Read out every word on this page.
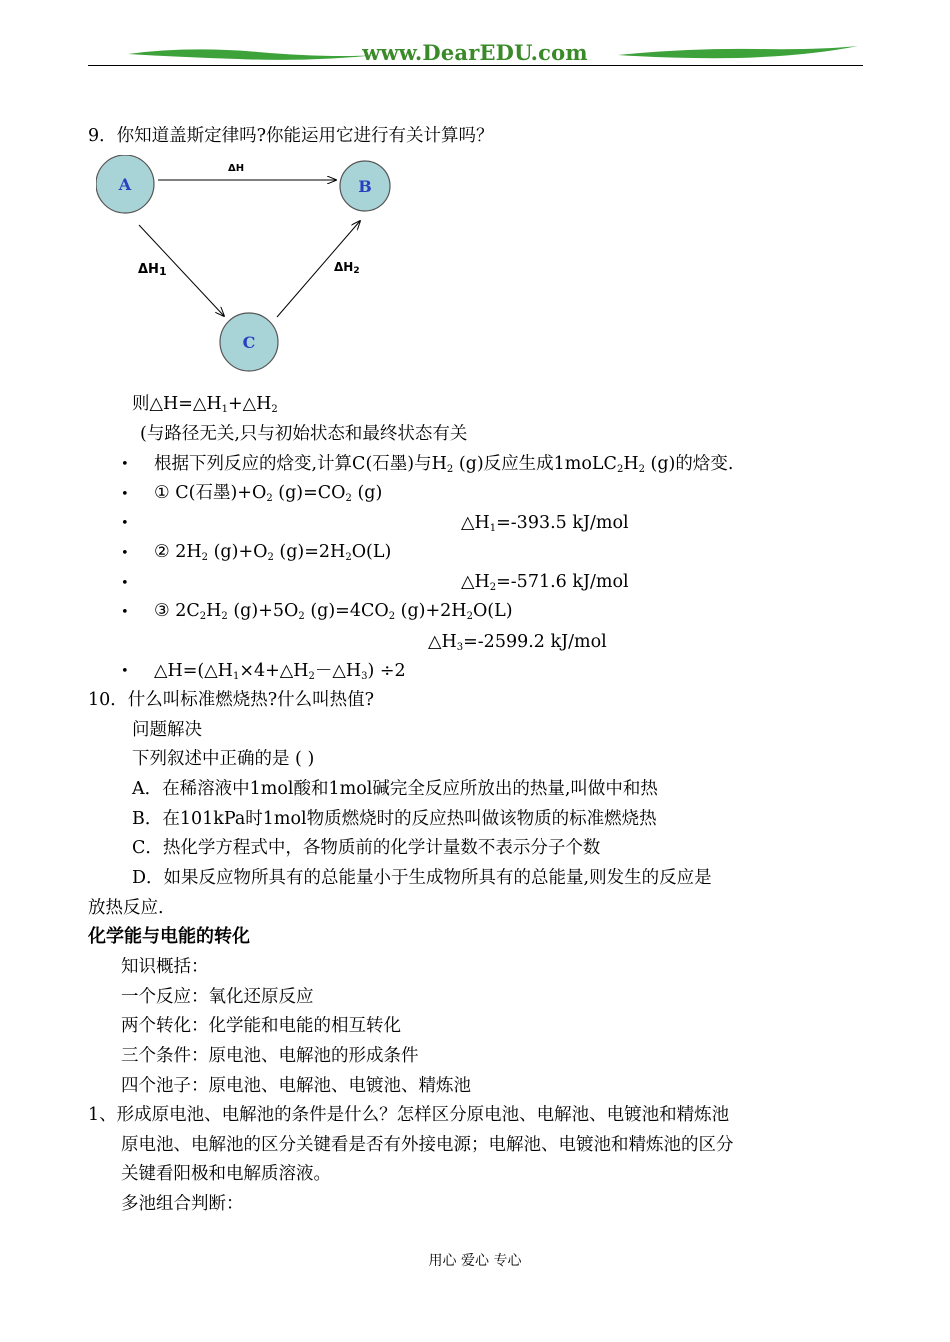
www.DearEDU.com
9．你知道盖斯定律吗?你能运用它进行有关计算吗？
A	B
C
ΔH
ΔH1	ΔH2
则$\triangle H=\triangle H_1+\triangle H_2$
(与路径无关,只与初始状态和最终状态有关
• 根据下列反应的焓变,计算C(石墨)与$H_2$ (g)反应生成$1moLC_2H_2$ (g)的焓变.
• ① C(石墨)$+O_2$ $(g)=CO_2$ (g)
•	$\triangle H_1=-393.5$ kJ/mol
• ② $2H_2$ $(g)+O_2$ $(g)=2H_2O(L)$
•	$\triangle H_2=-571.6$ kJ/mol
• ③ $2C_2H_2$ $(g)+5O_2$ $(g)=4CO_2$ $(g)+2H_2O(L)$
$\triangle H_3=-2599.2$ kJ/mol
• $\triangle H=(\triangle H_1\times 4+\triangle H_2-\triangle H_3) \div 2$
10．什么叫标准燃烧热?什么叫热值?
问题解决
下列叙述中正确的是 ( )
A．在稀溶液中1mol酸和1mol碱完全反应所放出的热量,叫做中和热
B．在101kPa时1mol物质燃烧时的反应热叫做该物质的标准燃烧热
C．热化学方程式中，各物质前的化学计量数不表示分子个数
D．如果反应物所具有的总能量小于生成物所具有的总能量,则发生的反应是
放热反应.
化学能与电能的转化
知识概括：
一个反应：氧化还原反应
两个转化：化学能和电能的相互转化
三个条件：原电池、电解池的形成条件
四个池子：原电池、电解池、电镀池、精炼池
1、形成原电池、电解池的条件是什么？怎样区分原电池、电解池、电镀池和精炼池
原电池、电解池的区分关键看是否有外接电源；电解池、电镀池和精炼池的区分
关键看阳极和电解质溶液。
多池组合判断：
用心 爱心 专心
